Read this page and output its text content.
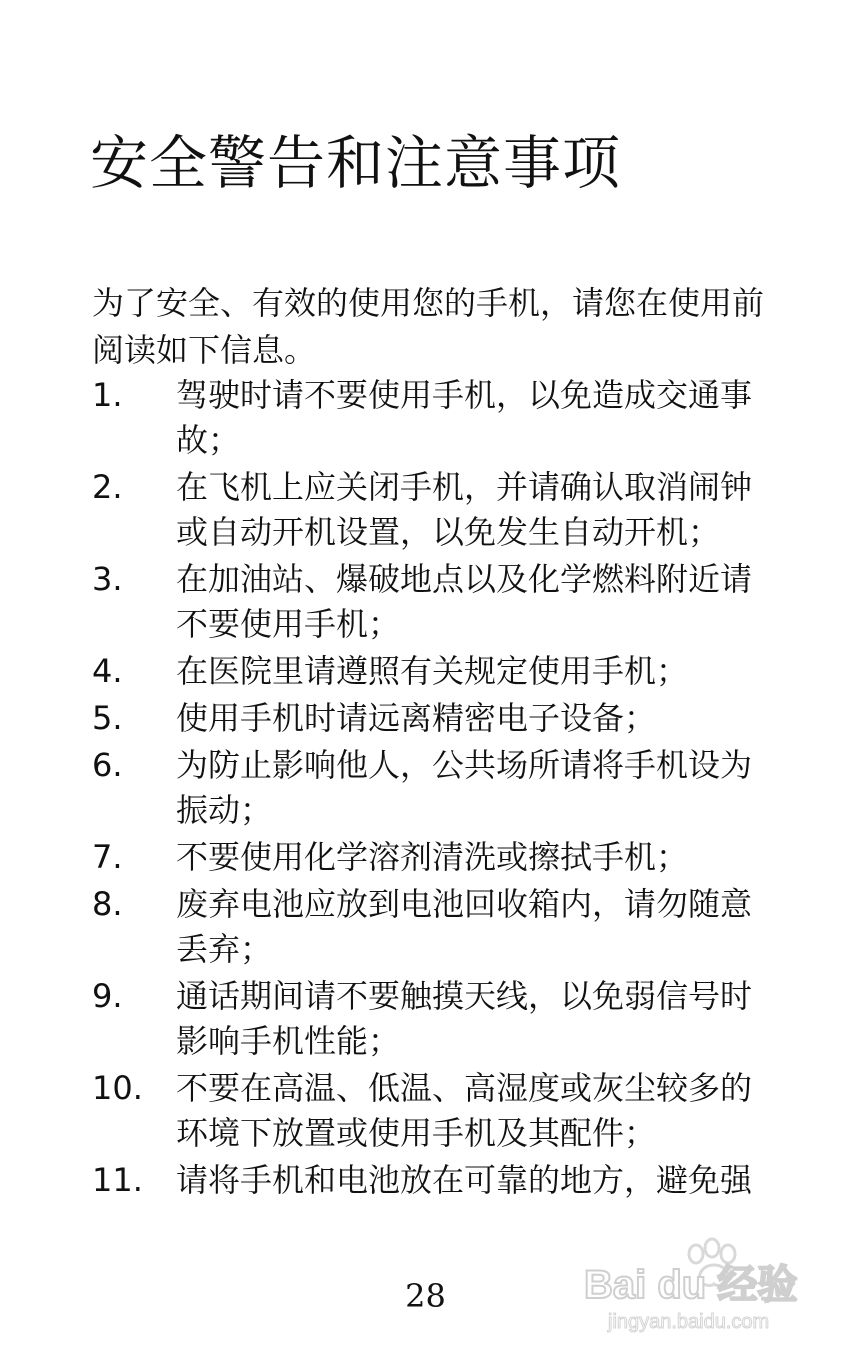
安全警告和注意事项

为了安全、有效的使用您的手机，请您在使用前阅读如下信息。

1.	驾驶时请不要使用手机，以免造成交通事故；
2.	在飞机上应关闭手机，并请确认取消闹钟或自动开机设置，以免发生自动开机；
3.	在加油站、爆破地点以及化学燃料附近请不要使用手机；
4.	在医院里请遵照有关规定使用手机；
5.	使用手机时请远离精密电子设备；
6.	为防止影响他人，公共场所请将手机设为振动；
7.	不要使用化学溶剂清洗或擦拭手机；
8.	废弃电池应放到电池回收箱内，请勿随意丢弃；
9.	通话期间请不要触摸天线，以免弱信号时影响手机性能；
10.	不要在高温、低温、高湿度或灰尘较多的环境下放置或使用手机及其配件；
11.	请将手机和电池放在可靠的地方，避免强
28	Bai du 经验
jingyan.baidu.com
